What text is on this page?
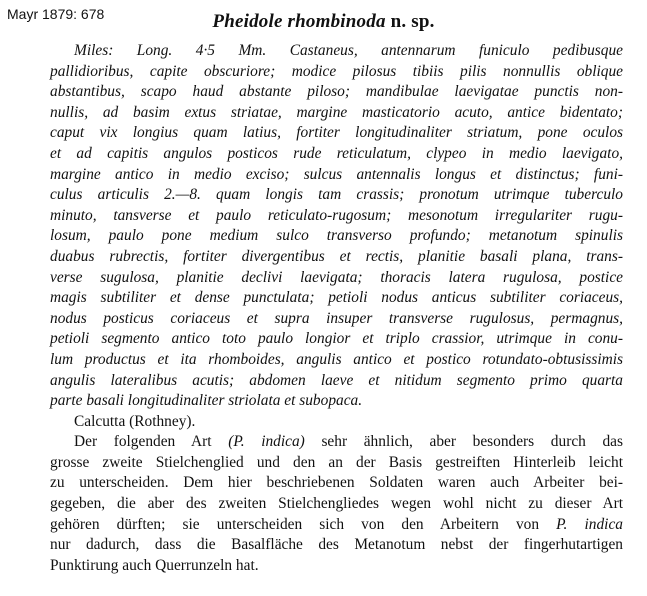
Mayr 1879: 678	Pheidole rhombinoda n. sp.
Miles: Long. 4·5 Mm. Castaneus, antennarum funiculo pedibusque
pallidioribus, capite obscuriore; modice pilosus tibiis pilis nonnullis oblique
abstantibus, scapo haud abstante piloso; mandibulae laevigatae punctis non-
nullis, ad basim extus striatae, margine masticatorio acuto, antice bidentato;
caput vix longius quam latius, fortiter longitudinaliter striatum, pone oculos
et ad capitis angulos posticos rude reticulatum, clypeo in medio laevigato,
margine antico in medio exciso; sulcus antennalis longus et distinctus; funi-
culus articulis 2.—8. quam longis tam crassis; pronotum utrimque tuberculo
minuto, tansverse et paulo reticulato-rugosum; mesonotum irregulariter rugu-
losum, paulo pone medium sulco transverso profundo; metanotum spinulis
duabus rubrectis, fortiter divergentibus et rectis, planitie basali plana, trans-
verse sugulosa, planitie declivi laevigata; thoracis latera rugulosa, postice
magis subtiliter et dense punctulata; petioli nodus anticus subtiliter coriaceus,
nodus posticus coriaceus et supra insuper transverse rugulosus, permagnus,
petioli segmento antico toto paulo longior et triplo crassior, utrimque in conu-
lum productus et ita rhomboides, angulis antico et postico rotundato-obtusissimis
angulis lateralibus acutis; abdomen laeve et nitidum segmento primo quarta
parte basali longitudinaliter striolata et subopaca.
Calcutta (Rothney).
Der folgenden Art (P. indica) sehr ähnlich, aber besonders durch das
grosse zweite Stielchenglied und den an der Basis gestreiften Hinterleib leicht
zu unterscheiden. Dem hier beschriebenen Soldaten waren auch Arbeiter bei-
gegeben, die aber des zweiten Stielchengliedes wegen wohl nicht zu dieser Art
gehören dürften; sie unterscheiden sich von den Arbeitern von P. indica
nur dadurch, dass die Basalfläche des Metanotum nebst der fingerhutartigen
Punktirung auch Querrunzeln hat.
